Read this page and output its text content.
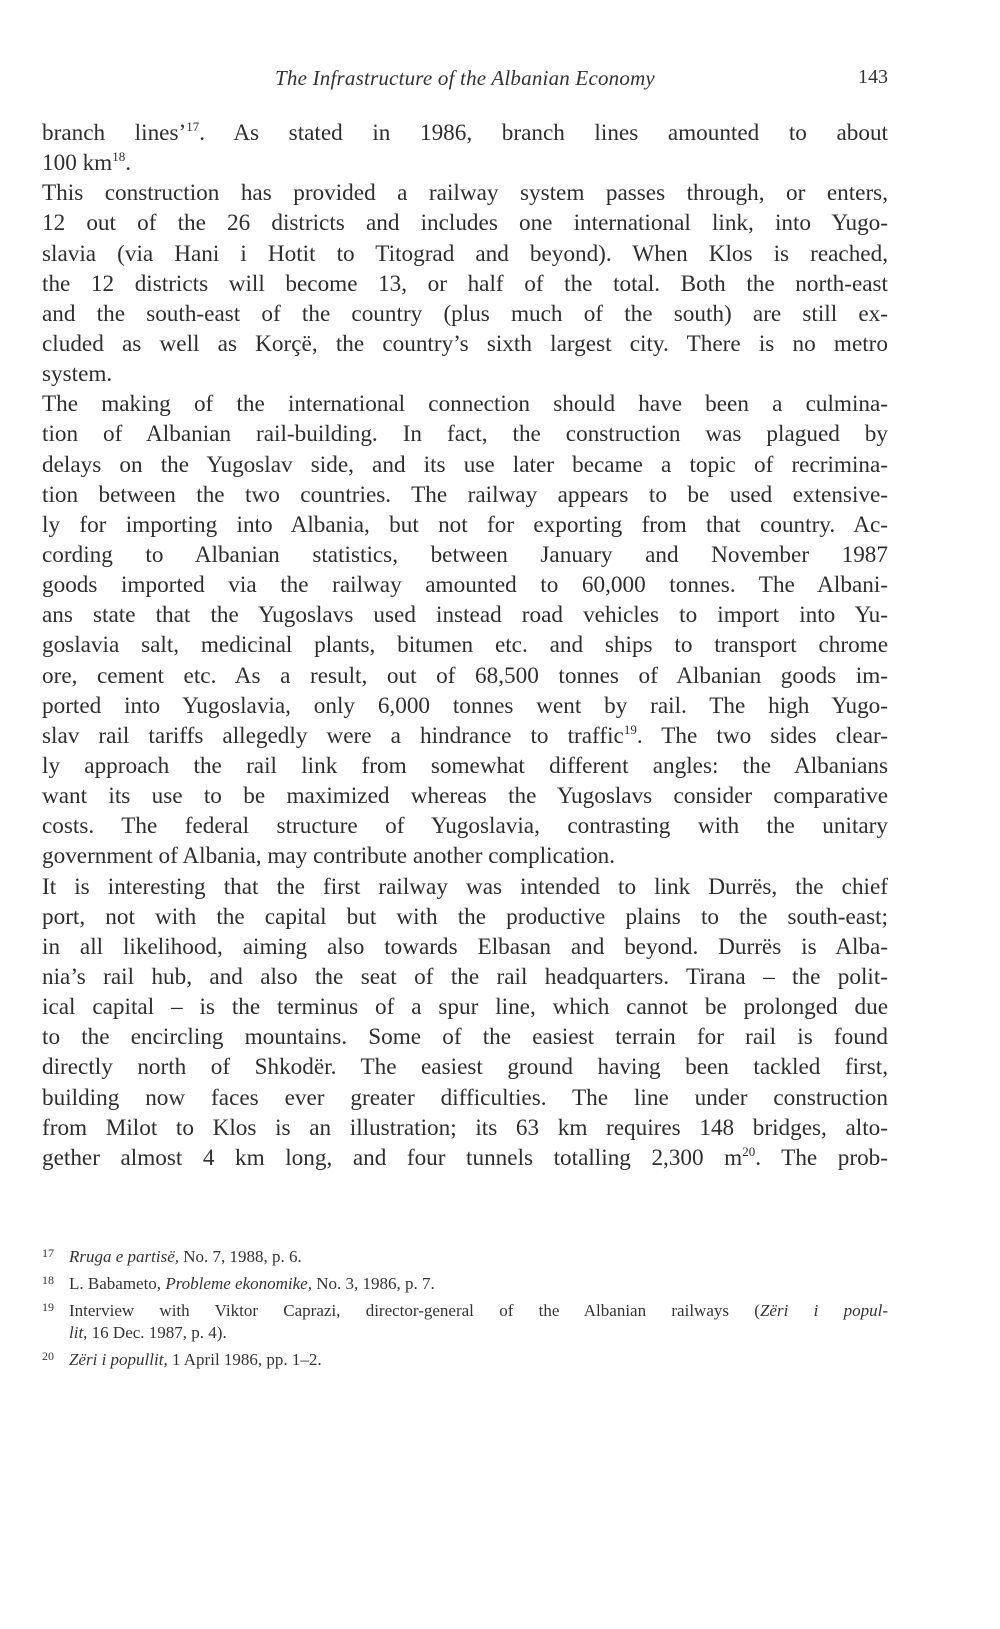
The Infrastructure of the Albanian Economy	143
branch lines’$^{17}$. As stated in 1986, branch lines amounted to about
100 $km^{18}$.
This construction has provided a railway system passes through, or enters,
12 out of the 26 districts and includes one international link, into Yugo-
slavia (via Hani i Hotit to Titograd and beyond). When Klos is reached,
the 12 districts will become 13, or half of the total. Both the north-east
and the south-east of the country (plus much of the south) are still ex-
cluded as well as Korçë, the country’s sixth largest city. There is no metro
system.
The making of the international connection should have been a culmina-
tion of Albanian rail-building. In fact, the construction was plagued by
delays on the Yugoslav side, and its use later became a topic of recrimina-
tion between the two countries. The railway appears to be used extensive-
ly for importing into Albania, but not for exporting from that country. Ac-
cording to Albanian statistics, between January and November 1987
goods imported via the railway amounted to 60,000 tonnes. The Albani-
ans state that the Yugoslavs used instead road vehicles to import into Yu-
goslavia salt, medicinal plants, bitumen etc. and ships to transport chrome
ore, cement etc. As a result, out of 68,500 tonnes of Albanian goods im-
ported into Yugoslavia, only 6,000 tonnes went by rail. The high Yugo-
slav rail tariffs allegedly were a hindrance to traffic$^{19}$. The two sides clear-
ly approach the rail link from somewhat different angles: the Albanians
want its use to be maximized whereas the Yugoslavs consider comparative
costs. The federal structure of Yugoslavia, contrasting with the unitary
government of Albania, may contribute another complication.
It is interesting that the first railway was intended to link Durrës, the chief
port, not with the capital but with the productive plains to the south-east;
in all likelihood, aiming also towards Elbasan and beyond. Durrës is Alba-
nia’s rail hub, and also the seat of the rail headquarters. Tirana – the polit-
ical capital – is the terminus of a spur line, which cannot be prolonged due
to the encircling mountains. Some of the easiest terrain for rail is found
directly north of Shkodër. The easiest ground having been tackled first,
building now faces ever greater difficulties. The line under construction
from Milot to Klos is an illustration; its 63 km requires 148 bridges, alto-
gether almost 4 km long, and four tunnels totalling 2,300 $m^{20}$. The prob-
17 Rruga e partisë, No. 7, 1988, p. 6.
18 L. Babameto, Probleme ekonomike, No. 3, 1986, p. 7.
19 Interview with Viktor Caprazi, director-general of the Albanian railways (Zëri i popul-
lit, 16 Dec. 1987, p. 4).
20 Zëri i popullit, 1 April 1986, pp. 1–2.
